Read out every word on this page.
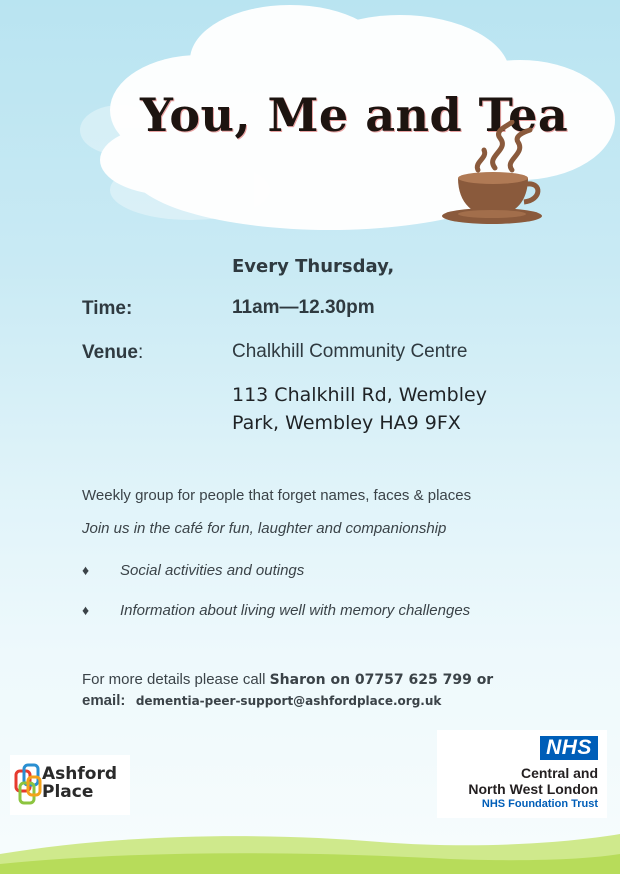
You, Me and Tea
Every Thursday,
Time:	11am—12.30pm
Venue:	Chalkhill Community Centre
113 Chalkhill Rd, Wembley
Park, Wembley HA9 9FX
Weekly group for people that forget names, faces & places
Join us in the café for fun, laughter and companionship
♦ Social activities and outings
♦ Information about living well with memory challenges
For more details please call Sharon on 07757 625 799 or
email: dementia-peer-support@ashfordplace.org.uk
Ashford
Place
NHS
Central and
North West London
NHS Foundation Trust
